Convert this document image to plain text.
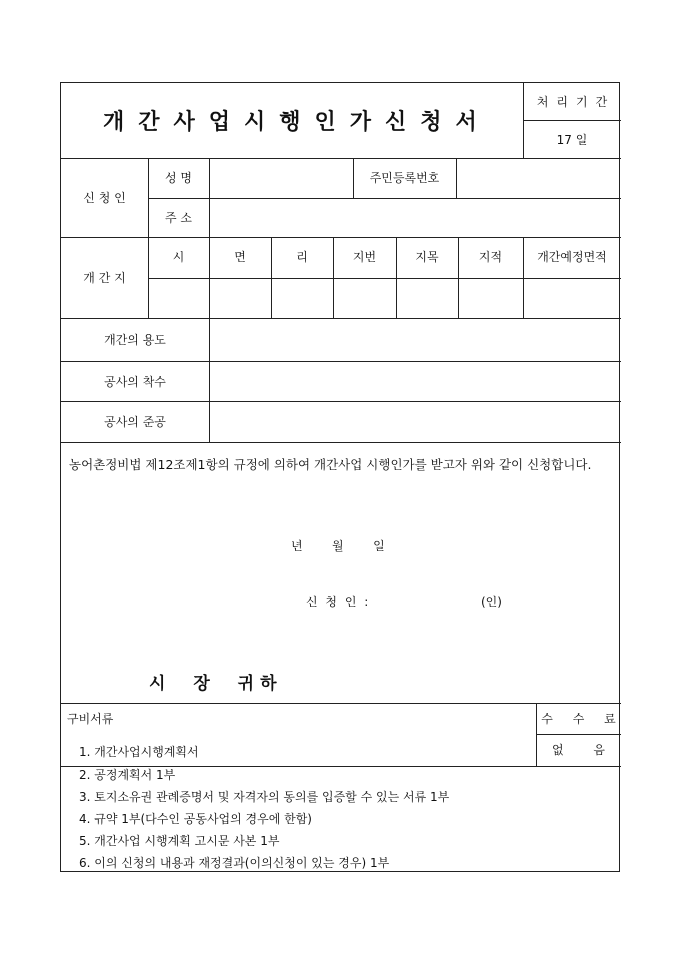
개간사업시행인가신청서
처리기간
17 일
신 청 인
성 명	주민등록번호
주 소
개 간 지
시	면	리	지번	지목	지적	개간예정면적
개간의 용도
공사의 착수
공사의 준공
농어촌정비법 제12조제1항의 규정에 의하여 개간사업 시행인가를 받고자 위와 같이 신청합니다.
년   월   일
신 청 인 :	(인)
시 장 귀하
구비서류	수 수 료
없 음
1. 개간사업시행계획서
2. 공정계획서 1부
3. 토지소유권 관례증명서 및 자격자의 동의를 입증할 수 있는 서류 1부
4. 규약 1부(다수인 공동사업의 경우에 한함)
5. 개간사업 시행계획 고시문 사본 1부
6. 이의 신청의 내용과 재정결과(이의신청이 있는 경우) 1부
